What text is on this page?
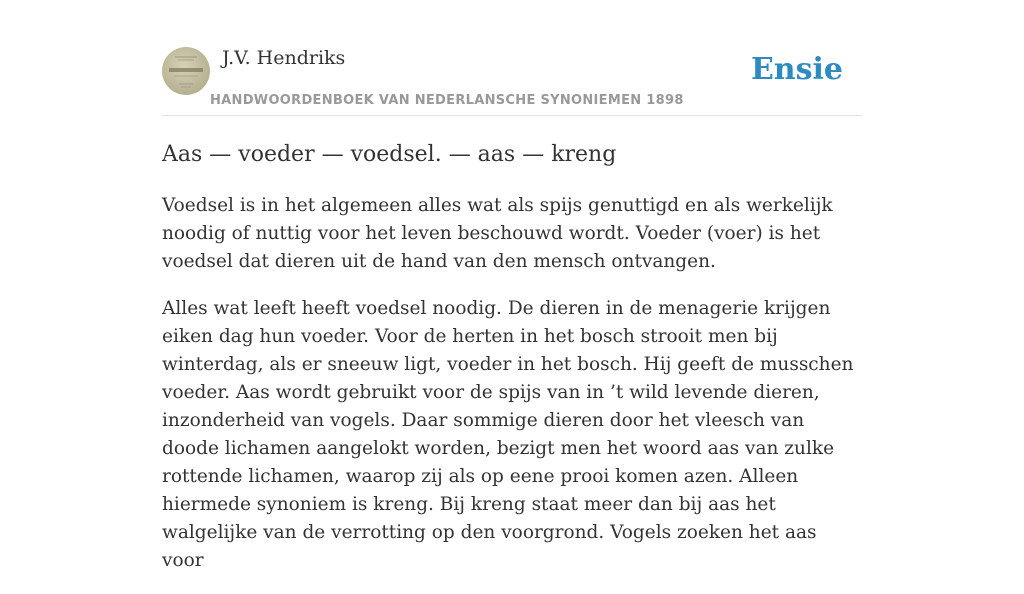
J.V. Hendriks
HANDWOORDENBOEK VAN NEDERLANSCHE SYNONIEMEN 1898
Ensie
Aas — voeder — voedsel. — aas — kreng

Voedsel is in het algemeen alles wat als spijs genuttigd en als werkelijk noodig of nuttig voor het leven beschouwd wordt. Voeder (voer) is het voedsel dat dieren uit de hand van den mensch ontvangen.

Alles wat leeft heeft voedsel noodig. De dieren in de menagerie krijgen eiken dag hun voeder. Voor de herten in het bosch strooit men bij winterdag, als er sneeuw ligt, voeder in het bosch. Hij geeft de musschen voeder. Aas wordt gebruikt voor de spijs van in ’t wild levende dieren, inzonderheid van vogels. Daar sommige dieren door het vleesch van doode lichamen aangelokt worden, bezigt men het woord aas van zulke rottende lichamen, waarop zij als op eene prooi komen azen. Alleen hiermede synoniem is kreng. Bij kreng staat meer dan bij aas het walgelijke van de verrotting op den voorgrond. Vogels zoeken het aas voor
